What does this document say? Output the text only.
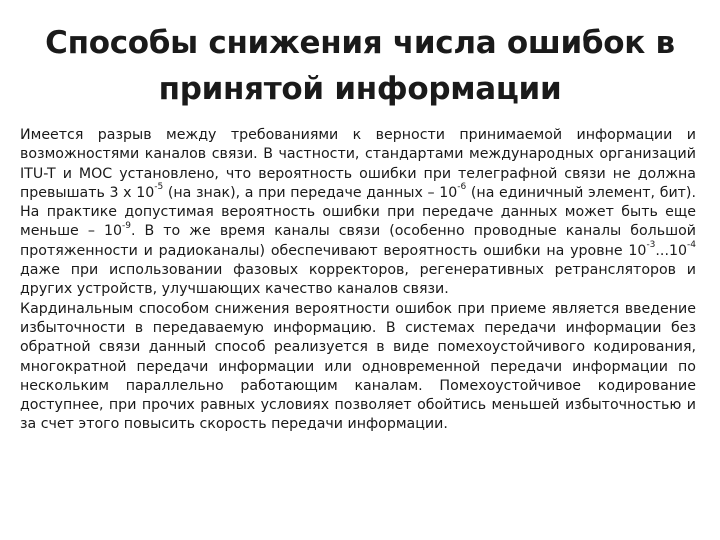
Способы снижения числа ошибок в принятой информации

Имеется разрыв между требованиями к верности принимаемой информации и возможностями каналов связи. В частности, стандартами международных организаций ITU-T и МОС установлено, что вероятность ошибки при телеграфной связи не должна превышать 3 х $10^{-5}$ (на знак), а при передаче данных – $10^{-6}$ (на единичный элемент, бит). На практике допустимая вероятность ошибки при передаче данных может быть еще меньше – $10^{-9}$. В то же время каналы связи (особенно проводные каналы большой протяженности и радиоканалы) обеспечивают вероятность ошибки на уровне $10^{-3}...10^{-4}$ даже при использовании фазовых корректоров, регенеративных ретрансляторов и других устройств, улучшающих качество каналов связи.

Кардинальным способом снижения вероятности ошибок при приеме является введение избыточности в передаваемую информацию. В системах передачи информации без обратной связи данный способ реализуется в виде помехоустойчивого кодирования, многократной передачи информации или одновременной передачи информации по нескольким параллельно работающим каналам. Помехоустойчивое кодирование доступнее, при прочих равных условиях позволяет обойтись меньшей избыточностью и за счет этого повысить скорость передачи информации.
